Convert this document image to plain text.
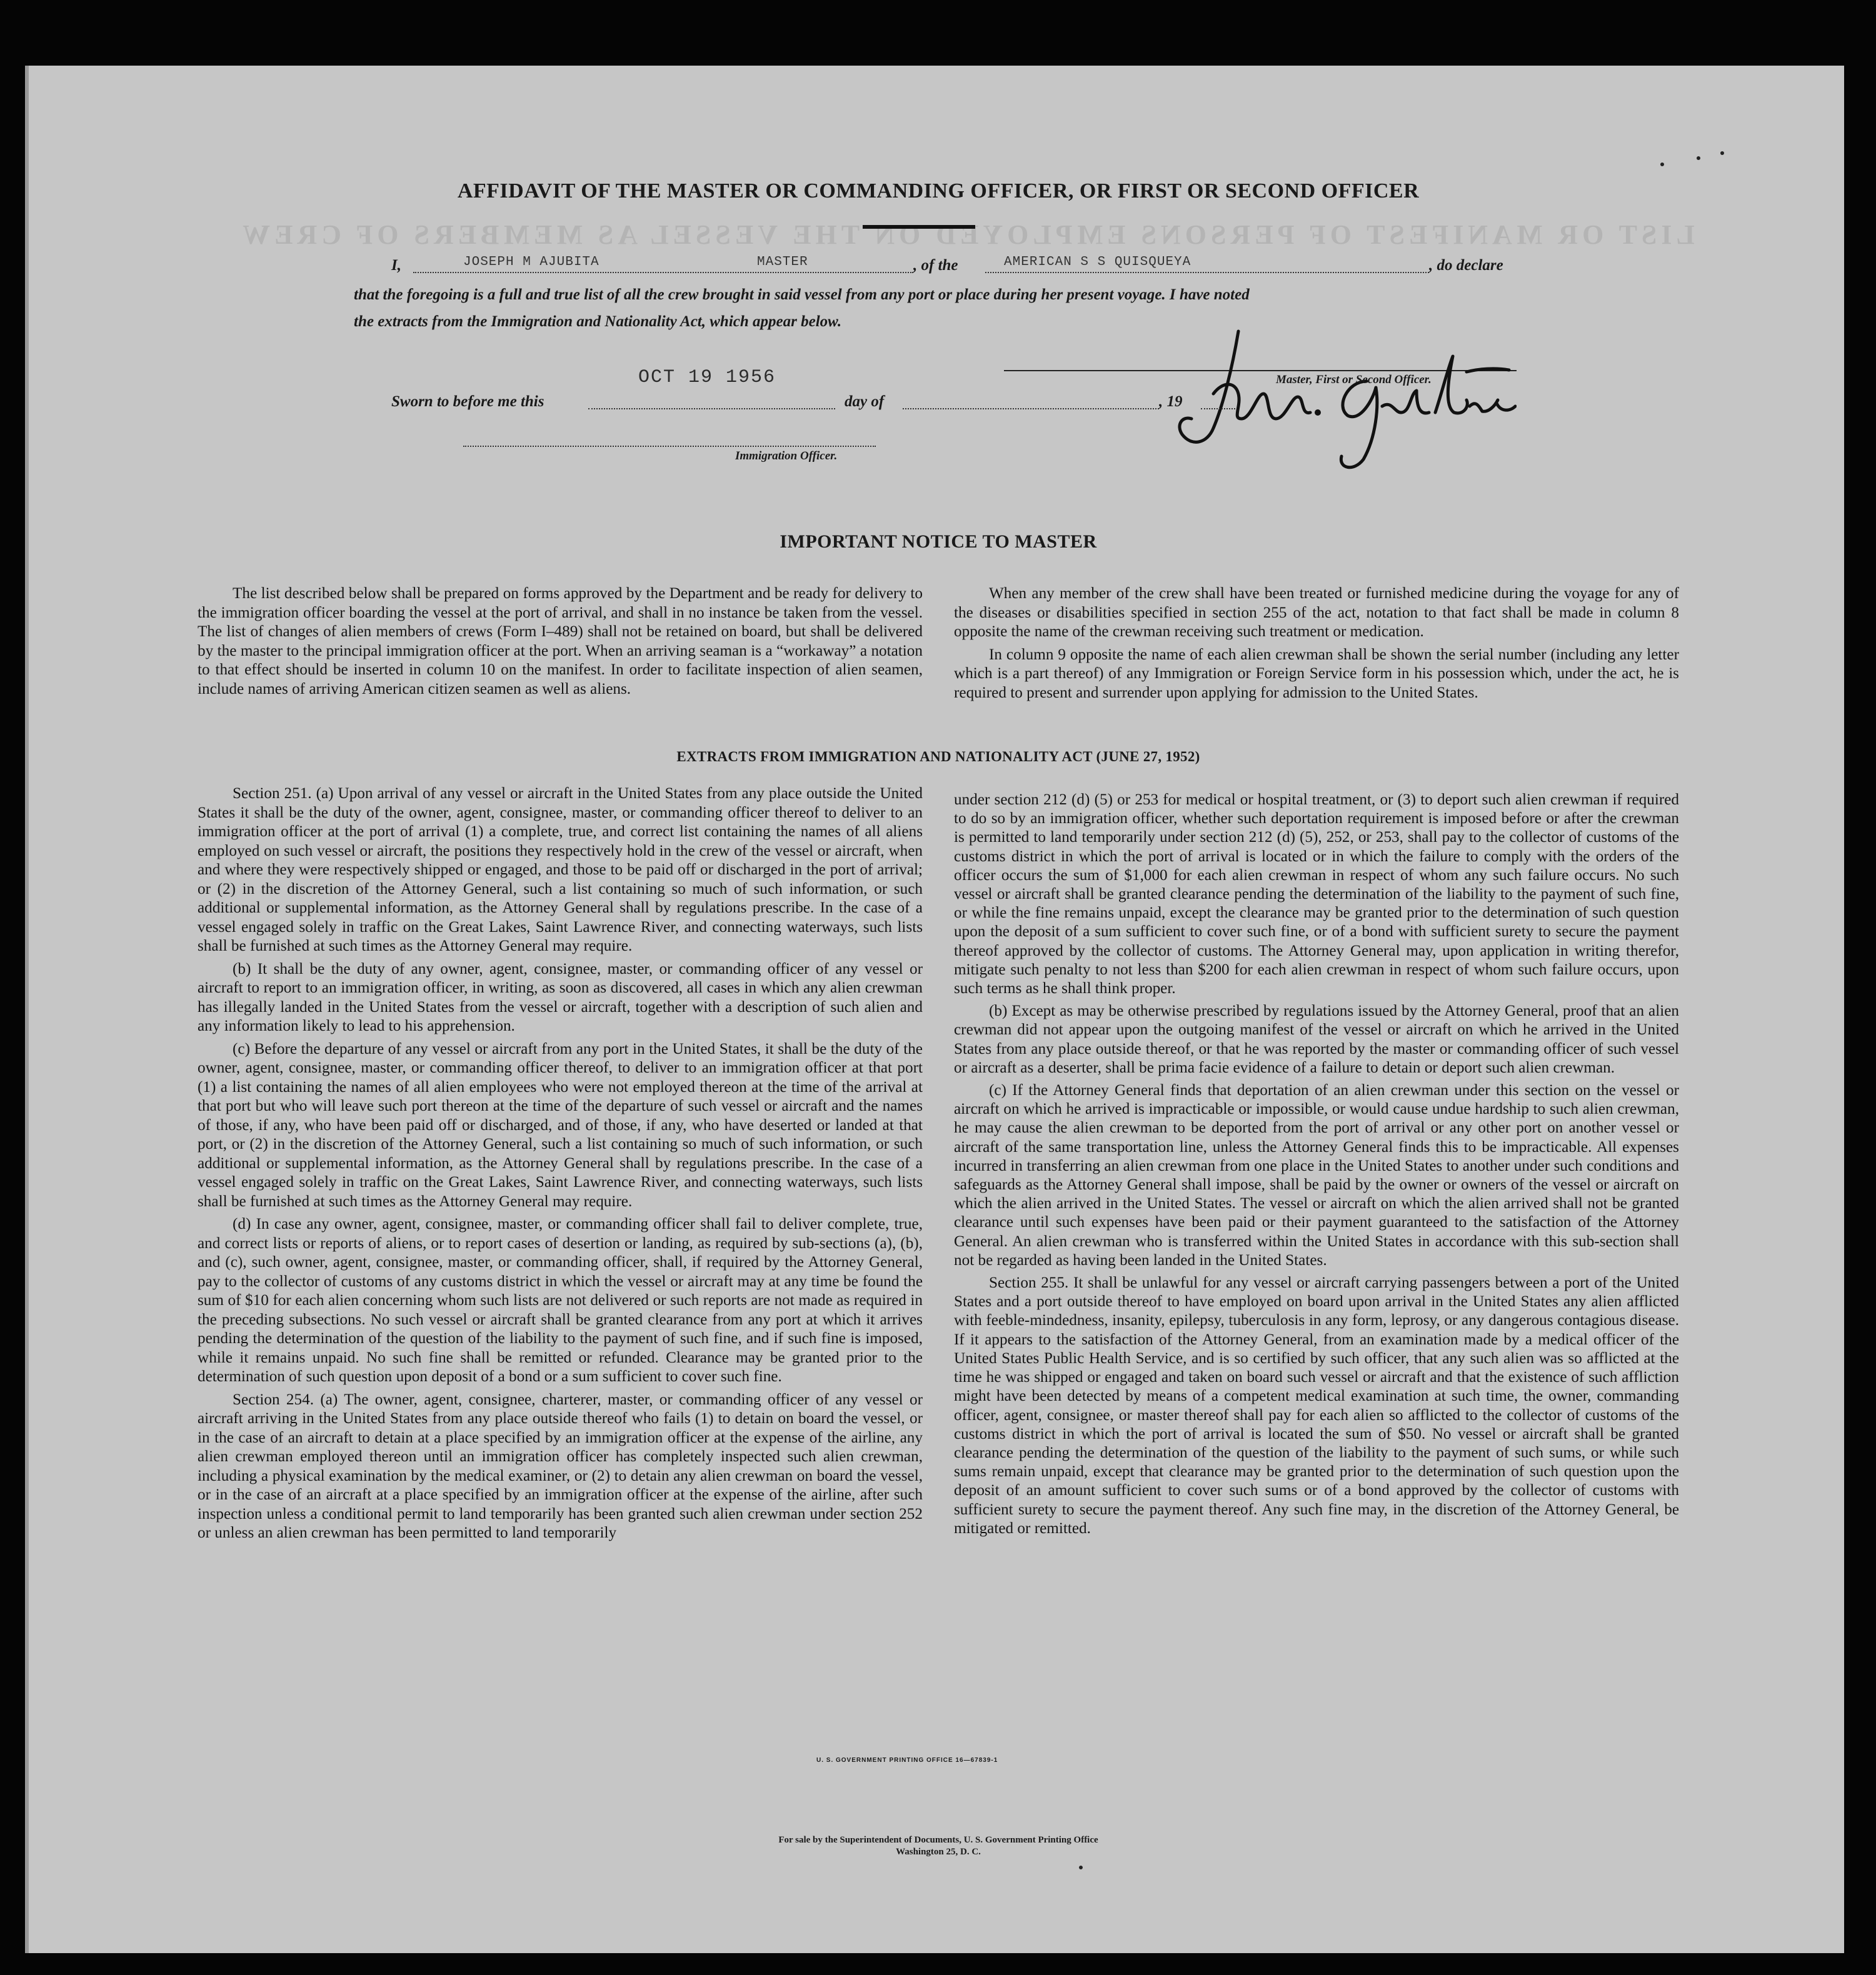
LIST OR MANIFEST OF PERSONS EMPLOYED ON THE VESSEL AS MEMBERS OF CREW
AFFIDAVIT OF THE MASTER OR COMMANDING OFFICER, OR FIRST OR SECOND OFFICER
I,	JOSEPH M AJUBITA	MASTER	, of the	AMERICAN S S QUISQUEYA	, do declare
that the foregoing is a full and true list of all the crew brought in said vessel from any port or place during her present voyage. I have noted
the extracts from the Immigration and Nationality Act, which appear below.
Master, First or Second Officer.
OCT 19 1956
Sworn to before me this	day of	, 19
Immigration Officer.
IMPORTANT NOTICE TO MASTER

The list described below shall be prepared on forms approved by the Department and be ready for delivery to the immigration officer boarding the vessel at the port of arrival, and shall in no instance be taken from the vessel. The list of changes of alien members of crews (Form I–489) shall not be retained on board, but shall be delivered by the master to the principal immigration officer at the port. When an arriving seaman is a “workaway” a notation to that effect should be inserted in column 10 on the manifest. In order to facilitate inspection of alien seamen, include names of arriving American citizen seamen as well as aliens.

When any member of the crew shall have been treated or furnished medicine during the voyage for any of the diseases or disabilities specified in section 255 of the act, notation to that fact shall be made in column 8 opposite the name of the crewman receiving such treatment or medication.

In column 9 opposite the name of each alien crewman shall be shown the serial number (including any letter which is a part thereof) of any Immigration or Foreign Service form in his possession which, under the act, he is required to present and surrender upon applying for admission to the United States.

EXTRACTS FROM IMMIGRATION AND NATIONALITY ACT (JUNE 27, 1952)

Section 251. (a) Upon arrival of any vessel or aircraft in the United States from any place outside the United States it shall be the duty of the owner, agent, consignee, master, or commanding officer thereof to deliver to an immigration officer at the port of arrival (1) a complete, true, and correct list containing the names of all aliens employed on such vessel or aircraft, the positions they respectively hold in the crew of the vessel or aircraft, when and where they were respectively shipped or engaged, and those to be paid off or discharged in the port of arrival; or (2) in the discretion of the Attorney General, such a list containing so much of such information, or such additional or supplemental information, as the Attorney General shall by regulations prescribe. In the case of a vessel engaged solely in traffic on the Great Lakes, Saint Lawrence River, and connecting waterways, such lists shall be furnished at such times as the Attorney General may require.

(b) It shall be the duty of any owner, agent, consignee, master, or commanding officer of any vessel or aircraft to report to an immigration officer, in writing, as soon as discovered, all cases in which any alien crewman has illegally landed in the United States from the vessel or aircraft, together with a description of such alien and any information likely to lead to his apprehension.

(c) Before the departure of any vessel or aircraft from any port in the United States, it shall be the duty of the owner, agent, consignee, master, or commanding officer thereof, to deliver to an immigration officer at that port (1) a list containing the names of all alien employees who were not employed thereon at the time of the arrival at that port but who will leave such port thereon at the time of the departure of such vessel or aircraft and the names of those, if any, who have been paid off or discharged, and of those, if any, who have deserted or landed at that port, or (2) in the discretion of the Attorney General, such a list containing so much of such information, or such additional or supplemental information, as the Attorney General shall by regulations prescribe. In the case of a vessel engaged solely in traffic on the Great Lakes, Saint Lawrence River, and connecting waterways, such lists shall be furnished at such times as the Attorney General may require.

(d) In case any owner, agent, consignee, master, or commanding officer shall fail to deliver complete, true, and correct lists or reports of aliens, or to report cases of desertion or landing, as required by sub-sections (a), (b), and (c), such owner, agent, consignee, master, or commanding officer, shall, if required by the Attorney General, pay to the collector of customs of any customs district in which the vessel or aircraft may at any time be found the sum of $10 for each alien concerning whom such lists are not delivered or such reports are not made as required in the preceding subsections. No such vessel or aircraft shall be granted clearance from any port at which it arrives pending the determination of the question of the liability to the payment of such fine, and if such fine is imposed, while it remains unpaid. No such fine shall be remitted or refunded. Clearance may be granted prior to the determination of such question upon deposit of a bond or a sum sufficient to cover such fine.

Section 254. (a) The owner, agent, consignee, charterer, master, or commanding officer of any vessel or aircraft arriving in the United States from any place outside thereof who fails (1) to detain on board the vessel, or in the case of an aircraft to detain at a place specified by an immigration officer at the expense of the airline, any alien crewman employed thereon until an immigration officer has completely inspected such alien crewman, including a physical examination by the medical examiner, or (2) to detain any alien crewman on board the vessel, or in the case of an aircraft at a place specified by an immigration officer at the expense of the airline, after such inspection unless a conditional permit to land temporarily has been granted such alien crewman under section 252 or unless an alien crewman has been permitted to land temporarily

under section 212 (d) (5) or 253 for medical or hospital treatment, or (3) to deport such alien crewman if required to do so by an immigration officer, whether such deportation requirement is imposed before or after the crewman is permitted to land temporarily under section 212 (d) (5), 252, or 253, shall pay to the collector of customs of the customs district in which the port of arrival is located or in which the failure to comply with the orders of the officer occurs the sum of $1,000 for each alien crewman in respect of whom any such failure occurs. No such vessel or aircraft shall be granted clearance pending the determination of the liability to the payment of such fine, or while the fine remains unpaid, except the clearance may be granted prior to the determination of such question upon the deposit of a sum sufficient to cover such fine, or of a bond with sufficient surety to secure the payment thereof approved by the collector of customs. The Attorney General may, upon application in writing therefor, mitigate such penalty to not less than $200 for each alien crewman in respect of whom such failure occurs, upon such terms as he shall think proper.

(b) Except as may be otherwise prescribed by regulations issued by the Attorney General, proof that an alien crewman did not appear upon the outgoing manifest of the vessel or aircraft on which he arrived in the United States from any place outside thereof, or that he was reported by the master or commanding officer of such vessel or aircraft as a deserter, shall be prima facie evidence of a failure to detain or deport such alien crewman.

(c) If the Attorney General finds that deportation of an alien crewman under this section on the vessel or aircraft on which he arrived is impracticable or impossible, or would cause undue hardship to such alien crewman, he may cause the alien crewman to be deported from the port of arrival or any other port on another vessel or aircraft of the same transportation line, unless the Attorney General finds this to be impracticable. All expenses incurred in transferring an alien crewman from one place in the United States to another under such conditions and safeguards as the Attorney General shall impose, shall be paid by the owner or owners of the vessel or aircraft on which the alien arrived in the United States. The vessel or aircraft on which the alien arrived shall not be granted clearance until such expenses have been paid or their payment guaranteed to the satisfaction of the Attorney General. An alien crewman who is transferred within the United States in accordance with this sub-section shall not be regarded as having been landed in the United States.

Section 255. It shall be unlawful for any vessel or aircraft carrying passengers between a port of the United States and a port outside thereof to have employed on board upon arrival in the United States any alien afflicted with feeble-mindedness, insanity, epilepsy, tuberculosis in any form, leprosy, or any dangerous contagious disease. If it appears to the satisfaction of the Attorney General, from an examination made by a medical officer of the United States Public Health Service, and is so certified by such officer, that any such alien was so afflicted at the time he was shipped or engaged and taken on board such vessel or aircraft and that the existence of such affliction might have been detected by means of a competent medical examination at such time, the owner, commanding officer, agent, consignee, or master thereof shall pay for each alien so afflicted to the collector of customs of the customs district in which the port of arrival is located the sum of $50. No vessel or aircraft shall be granted clearance pending the determination of the question of the liability to the payment of such sums, or while such sums remain unpaid, except that clearance may be granted prior to the determination of such question upon the deposit of an amount sufficient to cover such sums or of a bond approved by the collector of customs with sufficient surety to secure the payment thereof. Any such fine may, in the discretion of the Attorney General, be mitigated or remitted.

U. S. GOVERNMENT PRINTING OFFICE 16—67839-1
For sale by the Superintendent of Documents, U. S. Government Printing Office
Washington 25, D. C.
